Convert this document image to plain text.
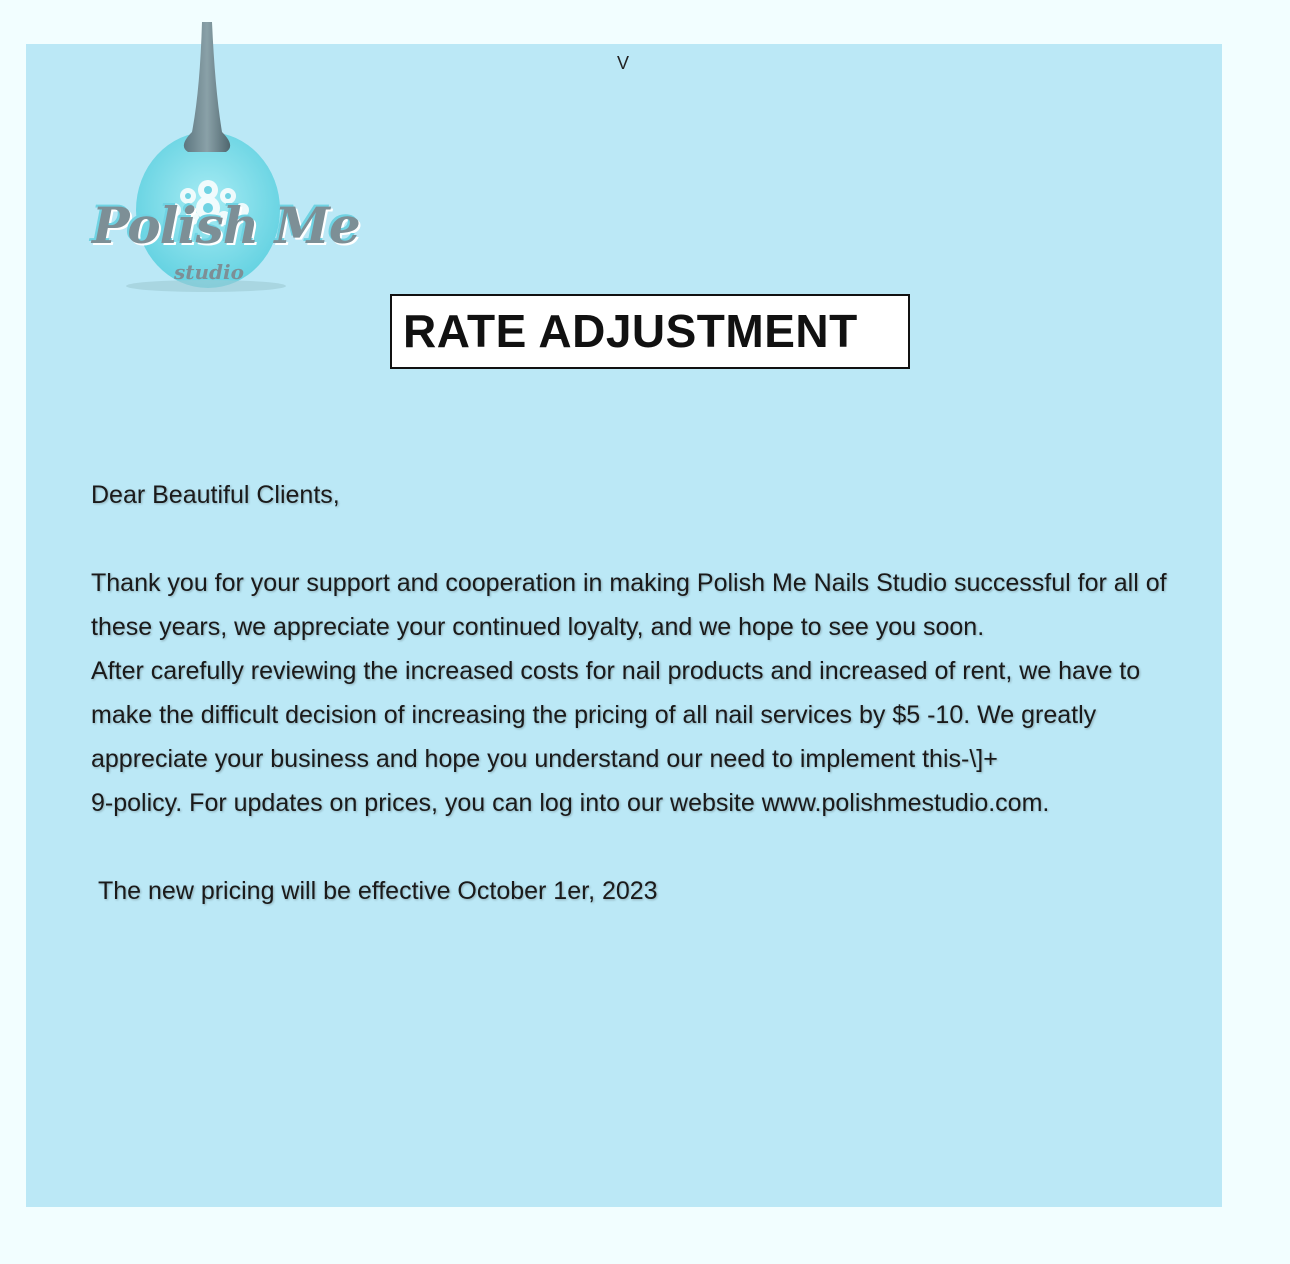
Polish Me
studio
V
RATE ADJUSTMENT

Dear Beautiful Clients,

Thank you for your support and cooperation in making Polish Me Nails Studio successful for all of these years, we appreciate your continued loyalty, and we hope to see you soon.

After carefully reviewing the increased costs for nail products and increased of rent, we have to make the difficult decision of increasing the pricing of all nail services by $5 -10. We greatly appreciate your business and hope you understand our need to implement this-\]+
9-policy. For updates on prices, you can log into our website www.polishmestudio.com.

The new pricing will be effective October 1er, 2023
